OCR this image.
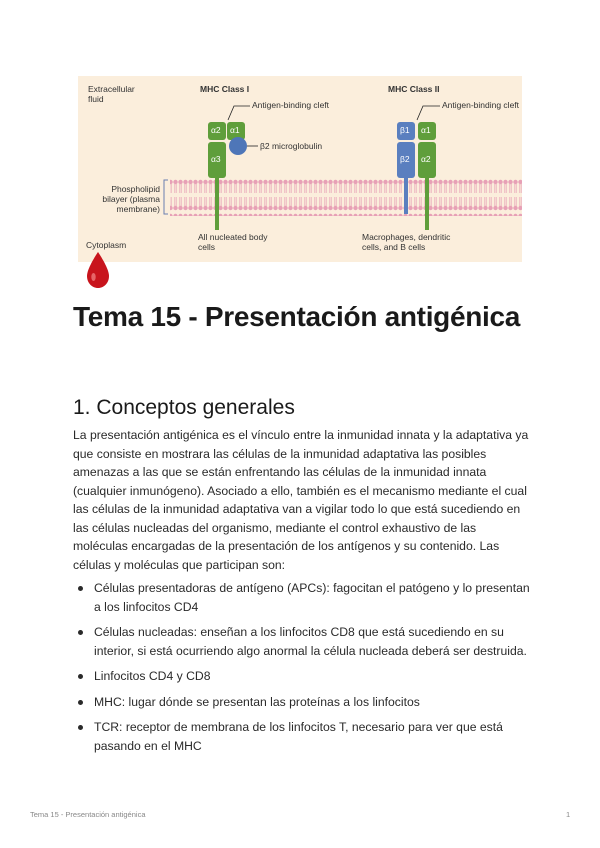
Extracellular fluid
MHC Class I	MHC Class II
Antigen-binding cleft	Antigen-binding cleft
β2 microglobulin
Phospholipid bilayer (plasma membrane)
Cytoplasm
All nucleated body cells
Macrophages, dendritic cells, and B cells
α2 α1
α3
β1
β2
α1
α2
Tema 15 - Presentación antigénica
1. Conceptos generales

La presentación antigénica es el vínculo entre la inmunidad innata y la adaptativa ya que consiste en mostrara las células de la inmunidad adaptativa las posibles amenazas a las que se están enfrentando las células de la inmunidad innata (cualquier inmunógeno). Asociado a ello, también es el mecanismo mediante el cual las células de la inmunidad adaptativa van a vigilar todo lo que está sucediendo en las células nucleadas del organismo, mediante el control exhaustivo de las moléculas encargadas de la presentación de los antígenos y su contenido. Las células y moléculas que participan son:

Células presentadoras de antígeno (APCs): fagocitan el patógeno y lo presentan a los linfocitos CD4
Células nucleadas: enseñan a los linfocitos CD8 que está sucediendo en su interior, si está ocurriendo algo anormal la célula nucleada deberá ser destruida.
Linfocitos CD4 y CD8
MHC: lugar dónde se presentan las proteínas a los linfocitos
TCR: receptor de membrana de los linfocitos T, necesario para ver que está pasando en el MHC
Tema 15 - Presentación antigénica	1
